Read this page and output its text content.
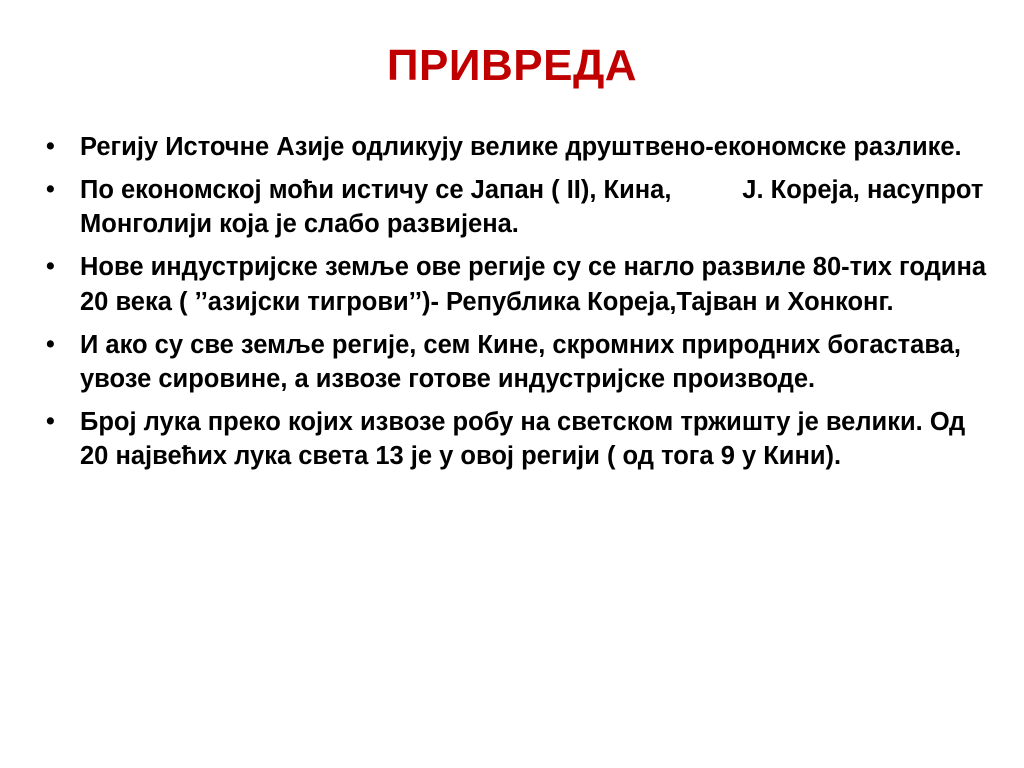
ПРИВРЕДА
• Регију Источне Азије одликују велике друштвено-економске разлике.
• По економској моћи истичу се Јапан ( II), Кина,          Ј. Кореја, насупрот Монголији која је слабо развијена.
• Нове индустријске земље ове регије су се нагло развиле 80-тих година 20 века ( ’’азијски тигрови’’)- Република Кореја,Тајван и Хонконг.
• И ако су све земље регије, сем Кине, скромних природних богастава, увозе сировине, а извозе готове индустријске производе.
• Број лука преко којих извозе робу на светском тржишту је велики. Од 20 највећих лука света 13 је у овој регији ( од тога 9 у Кини).
